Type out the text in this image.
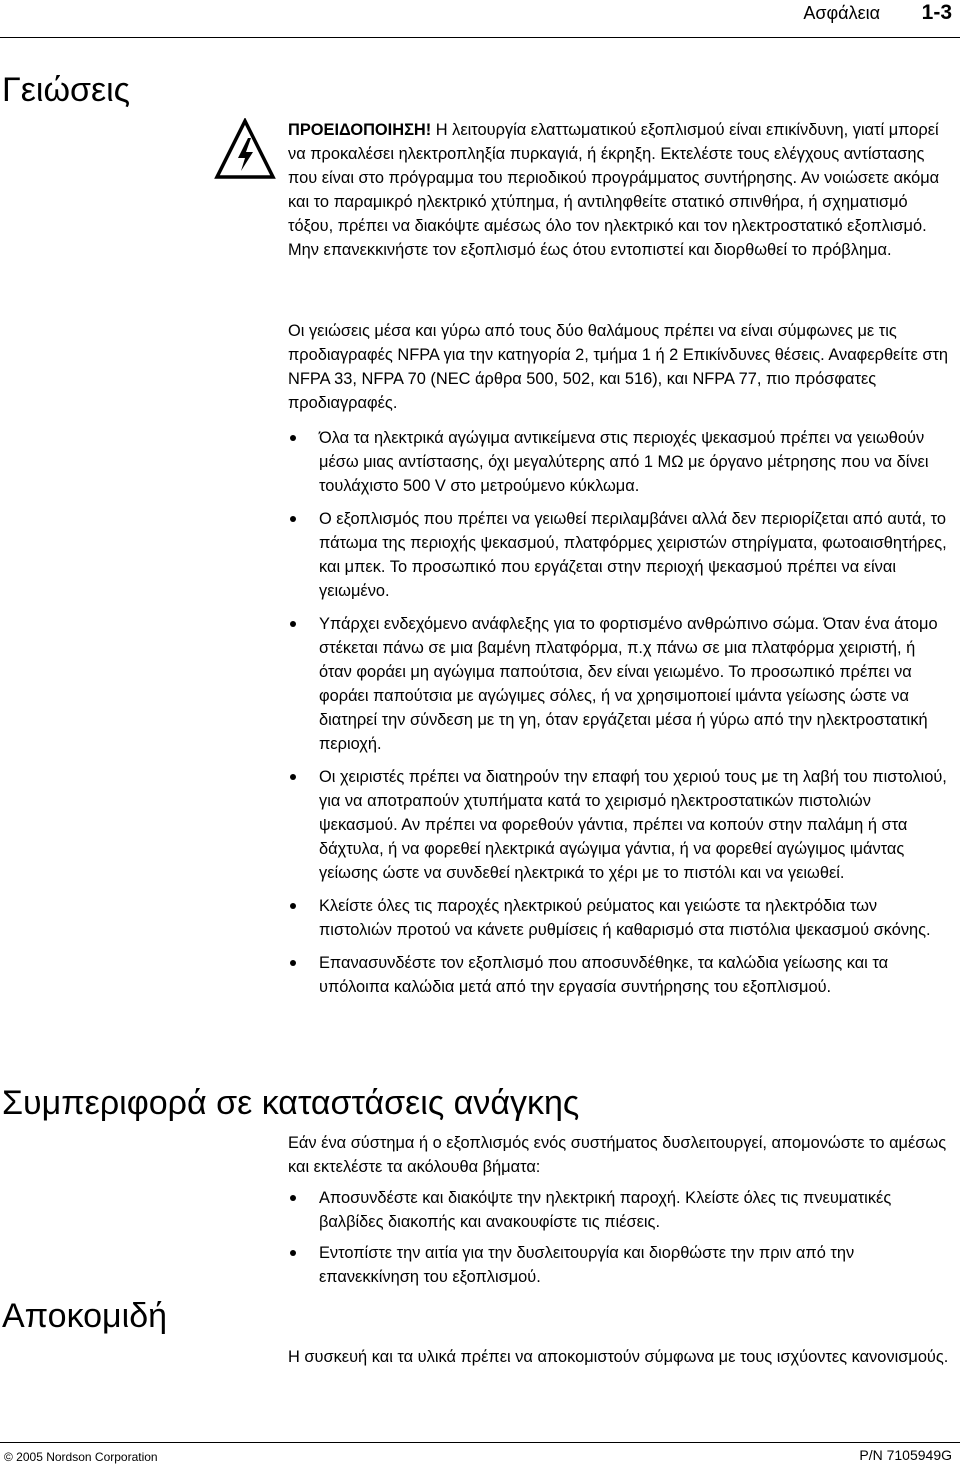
Ασφάλεια 1-3
Γειώσεις

ΠΡΟΕΙΔΟΠΟΙΗΣΗ! Η λειτουργία ελαττωματικού εξοπλισμού είναι επικίνδυνη, γιατί μπορεί να προκαλέσει ηλεκτροπληξία πυρκαγιά, ή έκρηξη. Εκτελέστε τους ελέγχους αντίστασης που είναι στο πρόγραμμα του περιοδικού προγράμματος συντήρησης. Αν νοιώσετε ακόμα και το παραμικρό ηλεκτρικό χτύπημα, ή αντιληφθείτε στατικό σπινθήρα, ή σχηματισμό τόξου, πρέπει να διακόψτε αμέσως όλο τον ηλεκτρικό και τον ηλεκτροστατικό εξοπλισμό. Μην επανεκκινήστε τον εξοπλισμό έως ότου εντοπιστεί και διορθωθεί το πρόβλημα.

Οι γειώσεις μέσα και γύρω από τους δύο θαλάμους πρέπει να είναι σύμφωνες με τις προδιαγραφές NFPA για την κατηγορία 2, τμήμα 1 ή 2 Επικίνδυνες θέσεις. Αναφερθείτε στη NFPA 33, NFPA 70 (NEC άρθρα 500, 502, και 516), και NFPA 77, πιο πρόσφατες προδιαγραφές.

Όλα τα ηλεκτρικά αγώγιμα αντικείμενα στις περιοχές ψεκασμού πρέπει να γειωθούν μέσω μιας αντίστασης, όχι μεγαλύτερης από 1 MΩ με όργανο μέτρησης που να δίνει τουλάχιστο 500 V στο μετρούμενο κύκλωμα.
Ο εξοπλισμός που πρέπει να γειωθεί περιλαμβάνει αλλά δεν περιορίζεται από αυτά, το πάτωμα της περιοχής ψεκασμού, πλατφόρμες χειριστών στηρίγματα, φωτοαισθητήρες, και μπεκ. Το προσωπικό που εργάζεται στην περιοχή ψεκασμού πρέπει να είναι γειωμένο.
Υπάρχει ενδεχόμενο ανάφλεξης για το φορτισμένο ανθρώπινο σώμα. Όταν ένα άτομο στέκεται πάνω σε μια βαμένη πλατφόρμα, π.χ πάνω σε μια πλατφόρμα χειριστή, ή όταν φοράει μη αγώγιμα παπούτσια, δεν είναι γειωμένο. Το προσωπικό πρέπει να φοράει παπούτσια με αγώγιμες σόλες, ή να χρησιμοποιεί ιμάντα γείωσης ώστε να διατηρεί την σύνδεση με τη γη, όταν εργάζεται μέσα ή γύρω από την ηλεκτροστατική περιοχή.
Οι χειριστές πρέπει να διατηρούν την επαφή του χεριού τους με τη λαβή του πιστολιού, για να αποτραπούν χτυπήματα κατά το χειρισμό ηλεκτροστατικών πιστολιών ψεκασμού. Αν πρέπει να φορεθούν γάντια, πρέπει να κοπούν στην παλάμη ή στα δάχτυλα, ή να φορεθεί ηλεκτρικά αγώγιμα γάντια, ή να φορεθεί αγώγιμος ιμάντας γείωσης ώστε να συνδεθεί ηλεκτρικά το χέρι με το πιστόλι και να γειωθεί.
Κλείστε όλες τις παροχές ηλεκτρικού ρεύματος και γειώστε τα ηλεκτρόδια των πιστολιών προτού να κάνετε ρυθμίσεις ή καθαρισμό στα πιστόλια ψεκασμού σκόνης.
Επανασυνδέστε τον εξοπλισμό που αποσυνδέθηκε, τα καλώδια γείωσης και τα υπόλοιπα καλώδια μετά από την εργασία συντήρησης του εξοπλισμού.
Συμπεριφορά σε καταστάσεις ανάγκης

Εάν ένα σύστημα ή ο εξοπλισμός ενός συστήματος δυσλειτουργεί, απομονώστε το αμέσως και εκτελέστε τα ακόλουθα βήματα:

Αποσυνδέστε και διακόψτε την ηλεκτρική παροχή. Κλείστε όλες τις πνευματικές βαλβίδες διακοπής και ανακουφίστε τις πιέσεις.
Εντοπίστε την αιτία για την δυσλειτουργία και διορθώστε την πριν από την επανεκκίνηση του εξοπλισμού.
Αποκομιδή

Η συσκευή και τα υλικά πρέπει να αποκομιστούν σύμφωνα με τους ισχύοντες κανονισμούς.

© 2005 Nordson Corporation	P/N 7105949G
